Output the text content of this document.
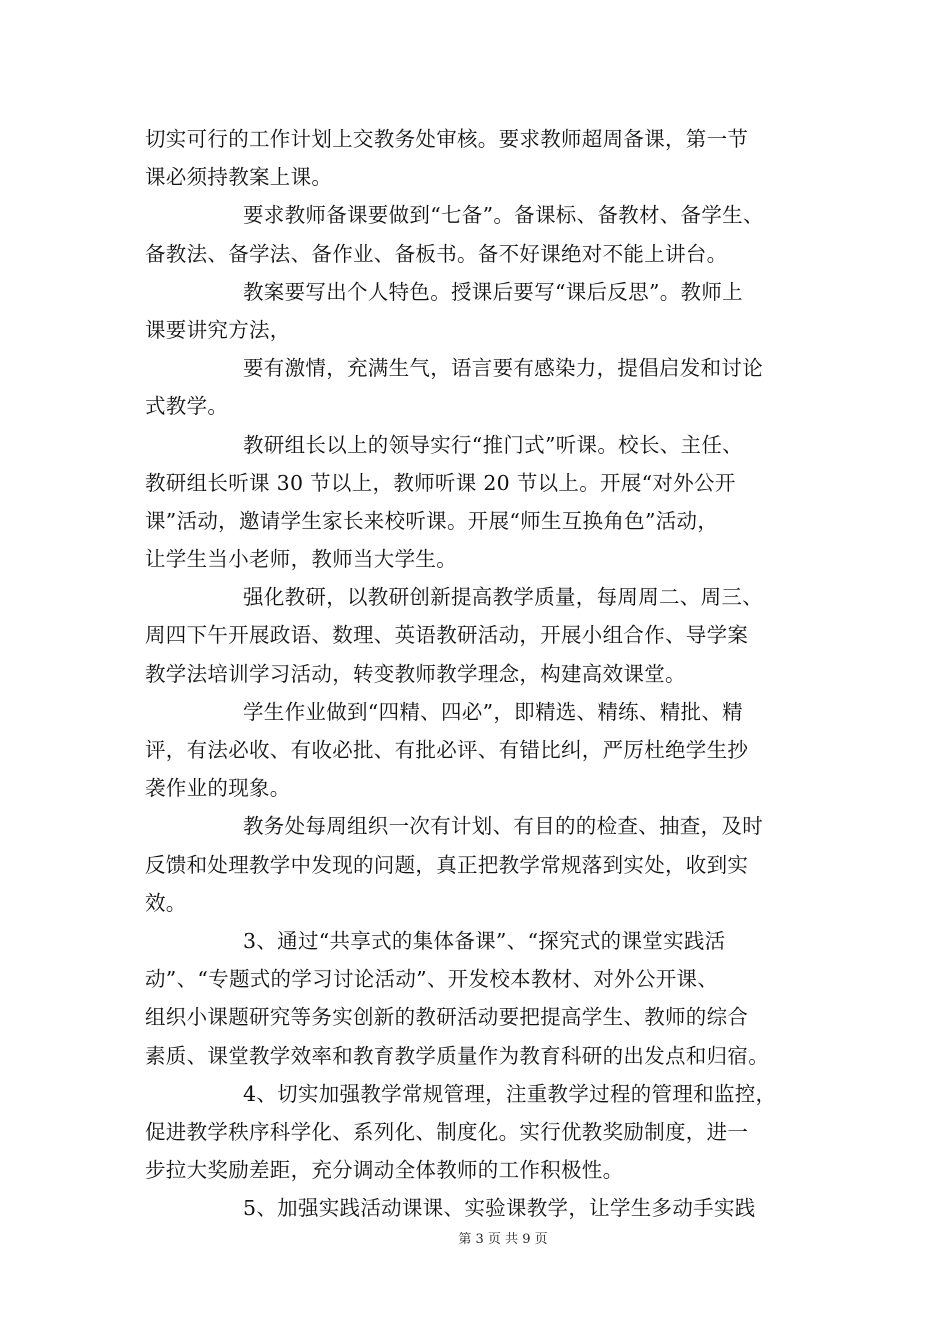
切实可行的工作计划上交教务处审核。要求教师超周备课，第一节
课必须持教案上课。
要求教师备课要做到“七备”。备课标、备教材、备学生、
备教法、备学法、备作业、备板书。备不好课绝对不能上讲台。
教案要写出个人特色。授课后要写“课后反思”。教师上
课要讲究方法，
要有激情，充满生气，语言要有感染力，提倡启发和讨论
式教学。
教研组长以上的领导实行“推门式”听课。校长、主任、
教研组长听课 30 节以上，教师听课 20 节以上。开展“对外公开
课”活动，邀请学生家长来校听课。开展“师生互换角色”活动，
让学生当小老师，教师当大学生。
强化教研，以教研创新提高教学质量，每周周二、周三、
周四下午开展政语、数理、英语教研活动，开展小组合作、导学案
教学法培训学习活动，转变教师教学理念，构建高效课堂。
学生作业做到“四精、四必”，即精选、精练、精批、精
评，有法必收、有收必批、有批必评、有错比纠，严厉杜绝学生抄
袭作业的现象。
教务处每周组织一次有计划、有目的的检查、抽查，及时
反馈和处理教学中发现的问题，真正把教学常规落到实处，收到实
效。
3、通过“共享式的集体备课”、“探究式的课堂实践活
动”、“专题式的学习讨论活动”、开发校本教材、对外公开课、
组织小课题研究等务实创新的教研活动要把提高学生、教师的综合
素质、课堂教学效率和教育教学质量作为教育科研的出发点和归宿。
4、切实加强教学常规管理，注重教学过程的管理和监控，
促进教学秩序科学化、系列化、制度化。实行优教奖励制度，进一
步拉大奖励差距，充分调动全体教师的工作积极性。
5、加强实践活动课课、实验课教学，让学生多动手实践
第 3 页 共 9 页
